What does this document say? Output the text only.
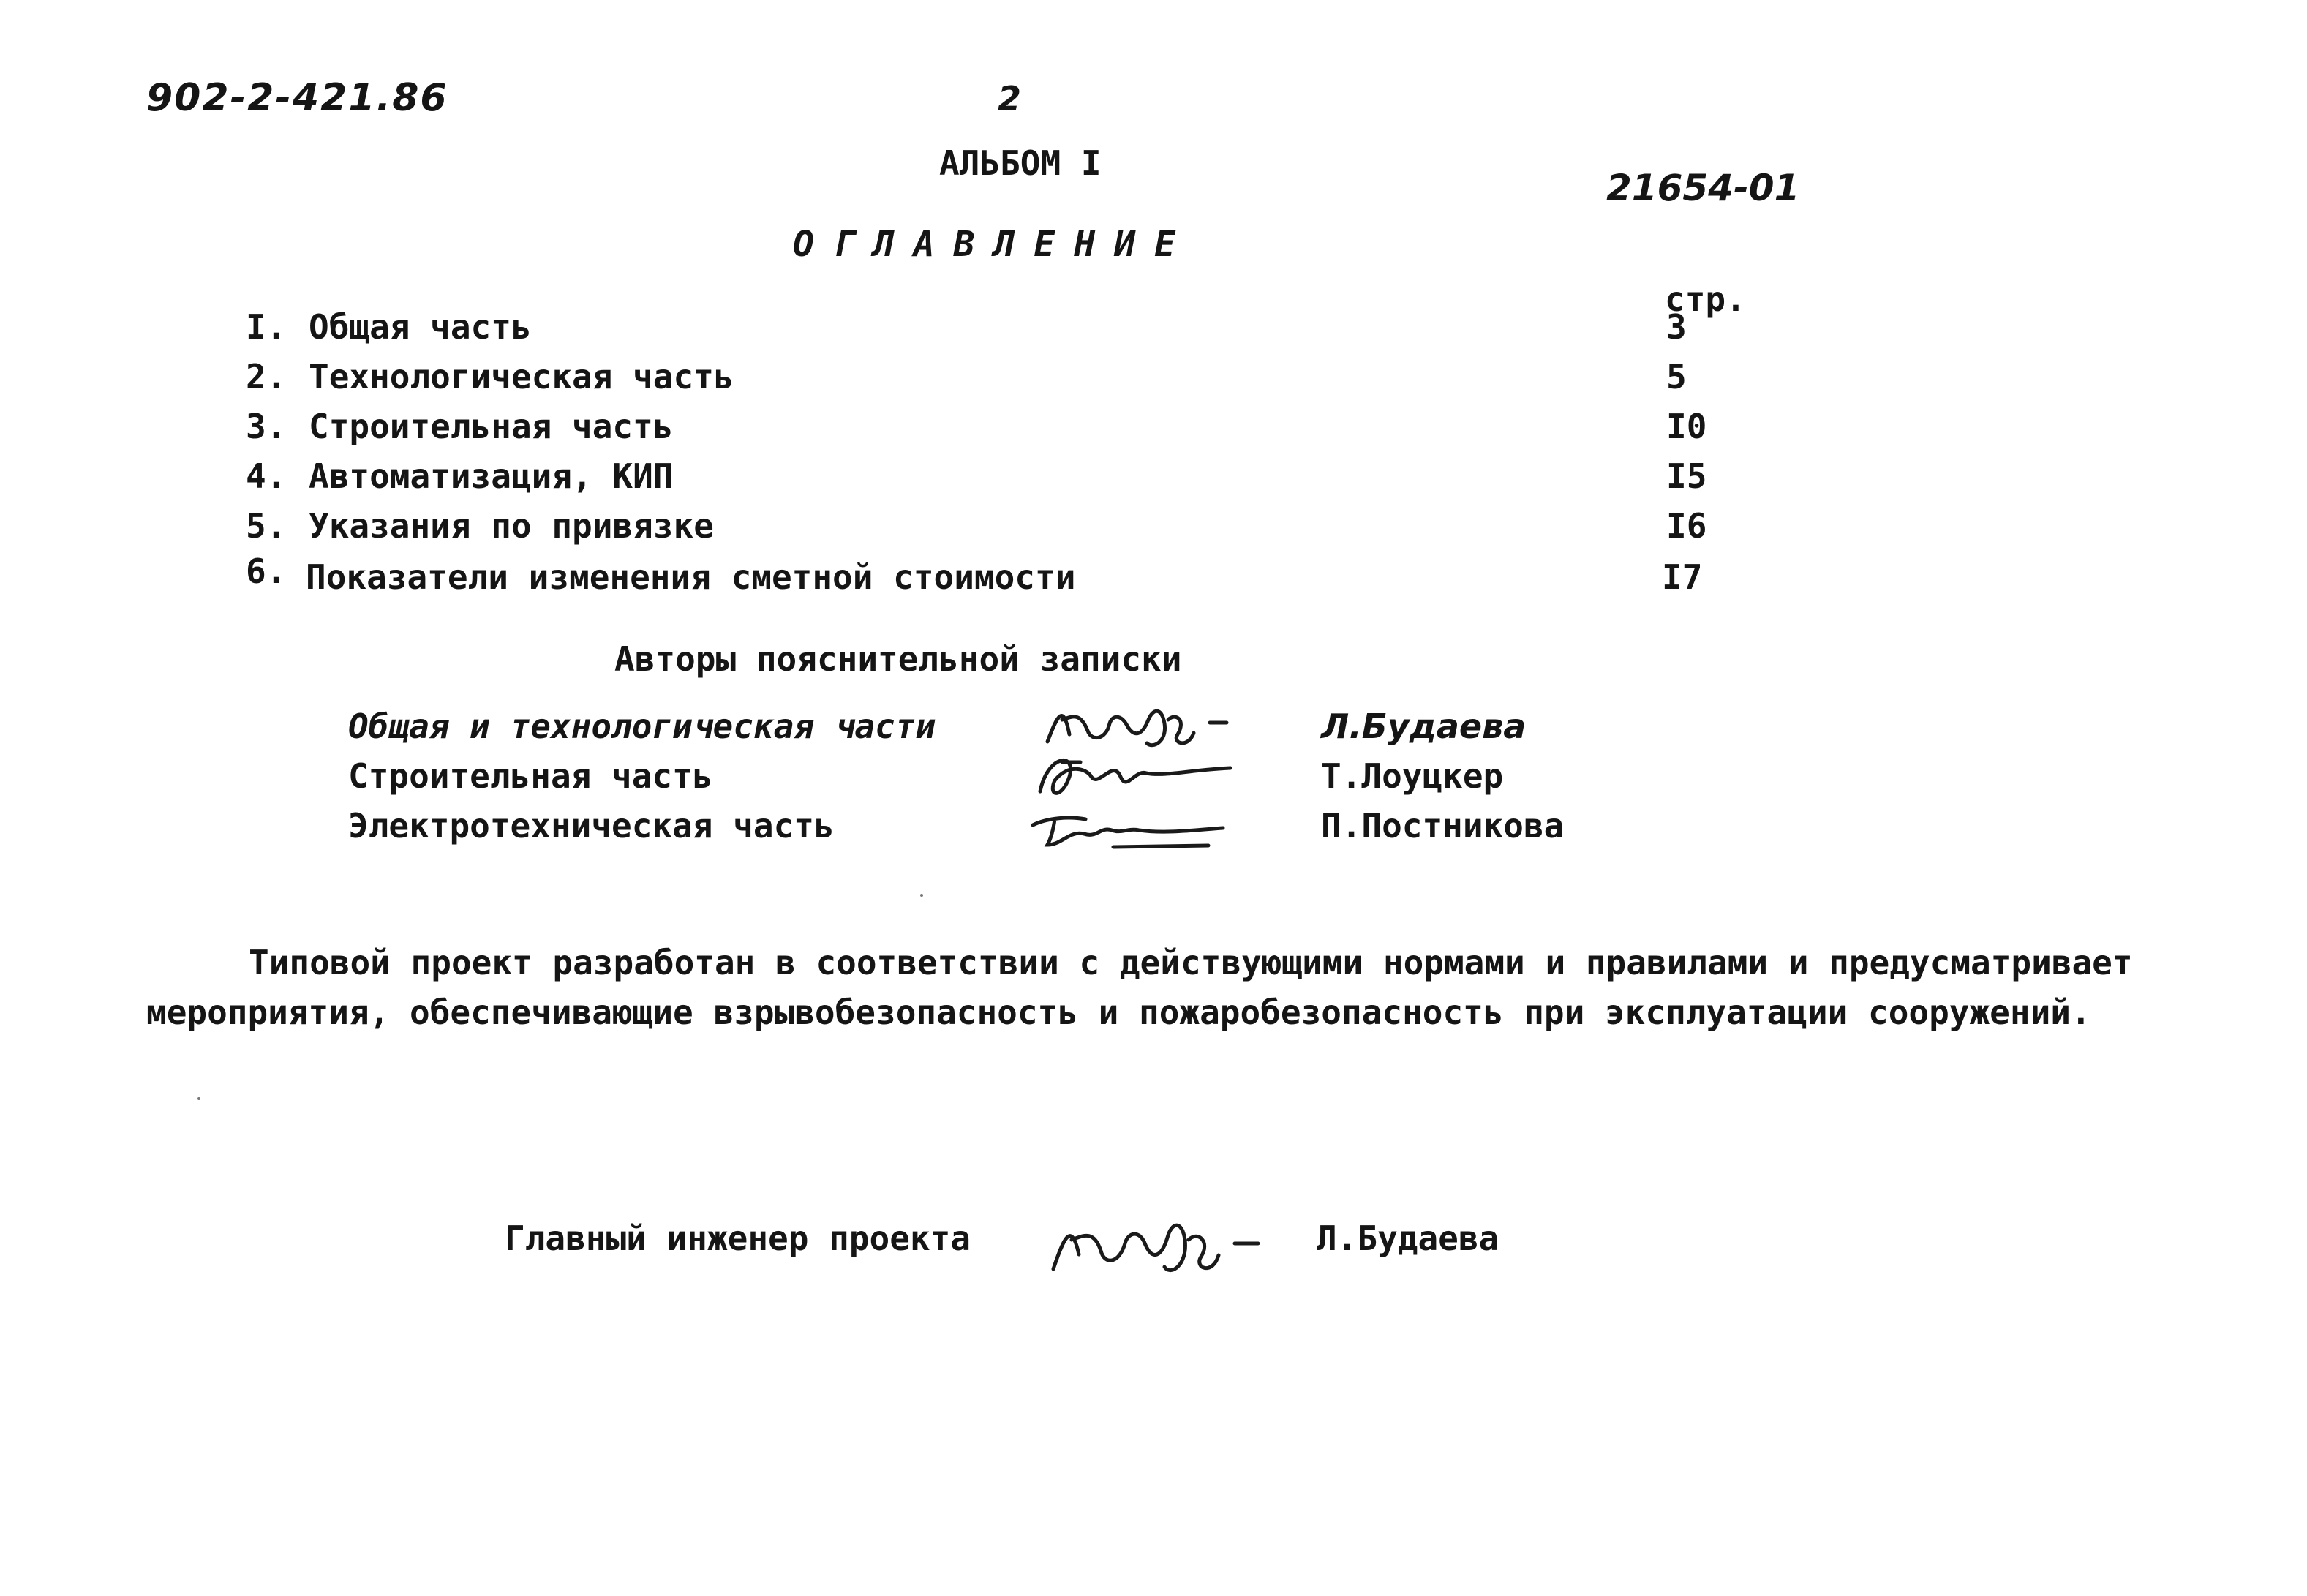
902-2-421.86	2
АЛЬБОМ I
21654-01
ОГЛАВЛЕНИЕ
стр.
I. Общая часть	3
2. Технологическая часть	5
3. Строительная часть	I0
4. Автоматизация, КИП	I5
5. Указания по привязке	I6
6. Показатели изменения сметной стоимости	I7
Авторы пояснительной записки
Общая и технологическая части	Л.Будаева
Строительная часть	Т.Лоуцкер
Электротехническая часть	П.Постникова

Типовой проект разработан в соответствии с действующими нормами и правилами и предусматривает мероприятия, обеспечивающие взрывобезопасность и пожаробезопасность при эксплуатации сооружений.

Главный инженер проекта	Л.Будаева
